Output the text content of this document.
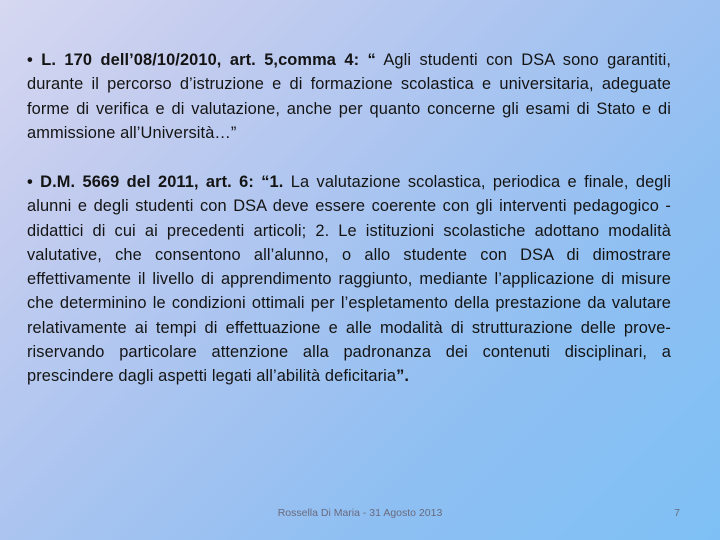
• L. 170 dell’08/10/2010, art. 5,comma 4: “ Agli studenti con DSA sono garantiti, durante il percorso d’istruzione e di formazione scolastica e universitaria, adeguate forme di verifica e di valutazione, anche per quanto concerne gli esami di Stato e di ammissione all’Università…”
• D.M. 5669 del 2011, art. 6: “1. La valutazione scolastica, periodica e finale, degli alunni e degli studenti con DSA deve essere coerente con gli interventi pedagogico - didattici di cui ai precedenti articoli; 2. Le istituzioni scolastiche adottano modalità valutative, che consentono all’alunno, o allo studente con DSA di dimostrare effettivamente il livello di apprendimento raggiunto, mediante l’applicazione di misure che determinino le condizioni ottimali per l’espletamento della prestazione da valutare relativamente ai tempi di effettuazione e alle modalità di strutturazione delle prove-riservando particolare attenzione alla padronanza dei contenuti disciplinari, a prescindere dagli aspetti legati all’abilità deficitaria”.
Rossella Di Maria - 31 Agosto 2013	7
